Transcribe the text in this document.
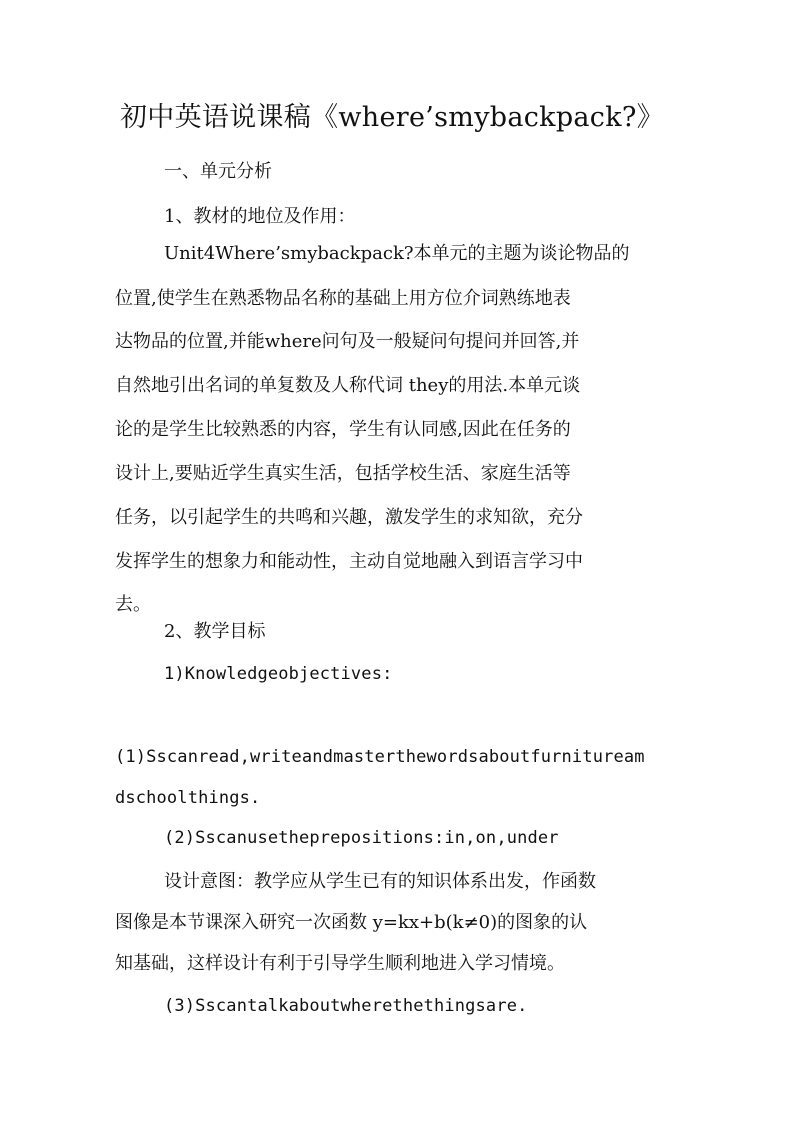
初中英语说课稿《where’smybackpack?》

一、单元分析

1、教材的地位及作用：

Unit4Where’smybackpack?本单元的主题为谈论物品的

位置,使学生在熟悉物品名称的基础上用方位介词熟练地表

达物品的位置,并能where问句及一般疑问句提问并回答,并

自然地引出名词的单复数及人称代词 they的用法.本单元谈

论的是学生比较熟悉的内容，学生有认同感,因此在任务的

设计上,要贴近学生真实生活，包括学校生活、家庭生活等

任务，以引起学生的共鸣和兴趣，激发学生的求知欲，充分

发挥学生的想象力和能动性，主动自觉地融入到语言学习中

去。

2、教学目标

1)Knowledgeobjectives:

(1)Sscanread,writeandmasterthewordsaboutfurnituream

dschoolthings.

(2)Sscanusetheprepositions:in,on,under

设计意图：教学应从学生已有的知识体系出发，作函数

图像是本节课深入研究一次函数 y=kx+b(k≠0)的图象的认

知基础，这样设计有利于引导学生顺利地进入学习情境。

(3)Sscantalkaboutwherethethingsare.
